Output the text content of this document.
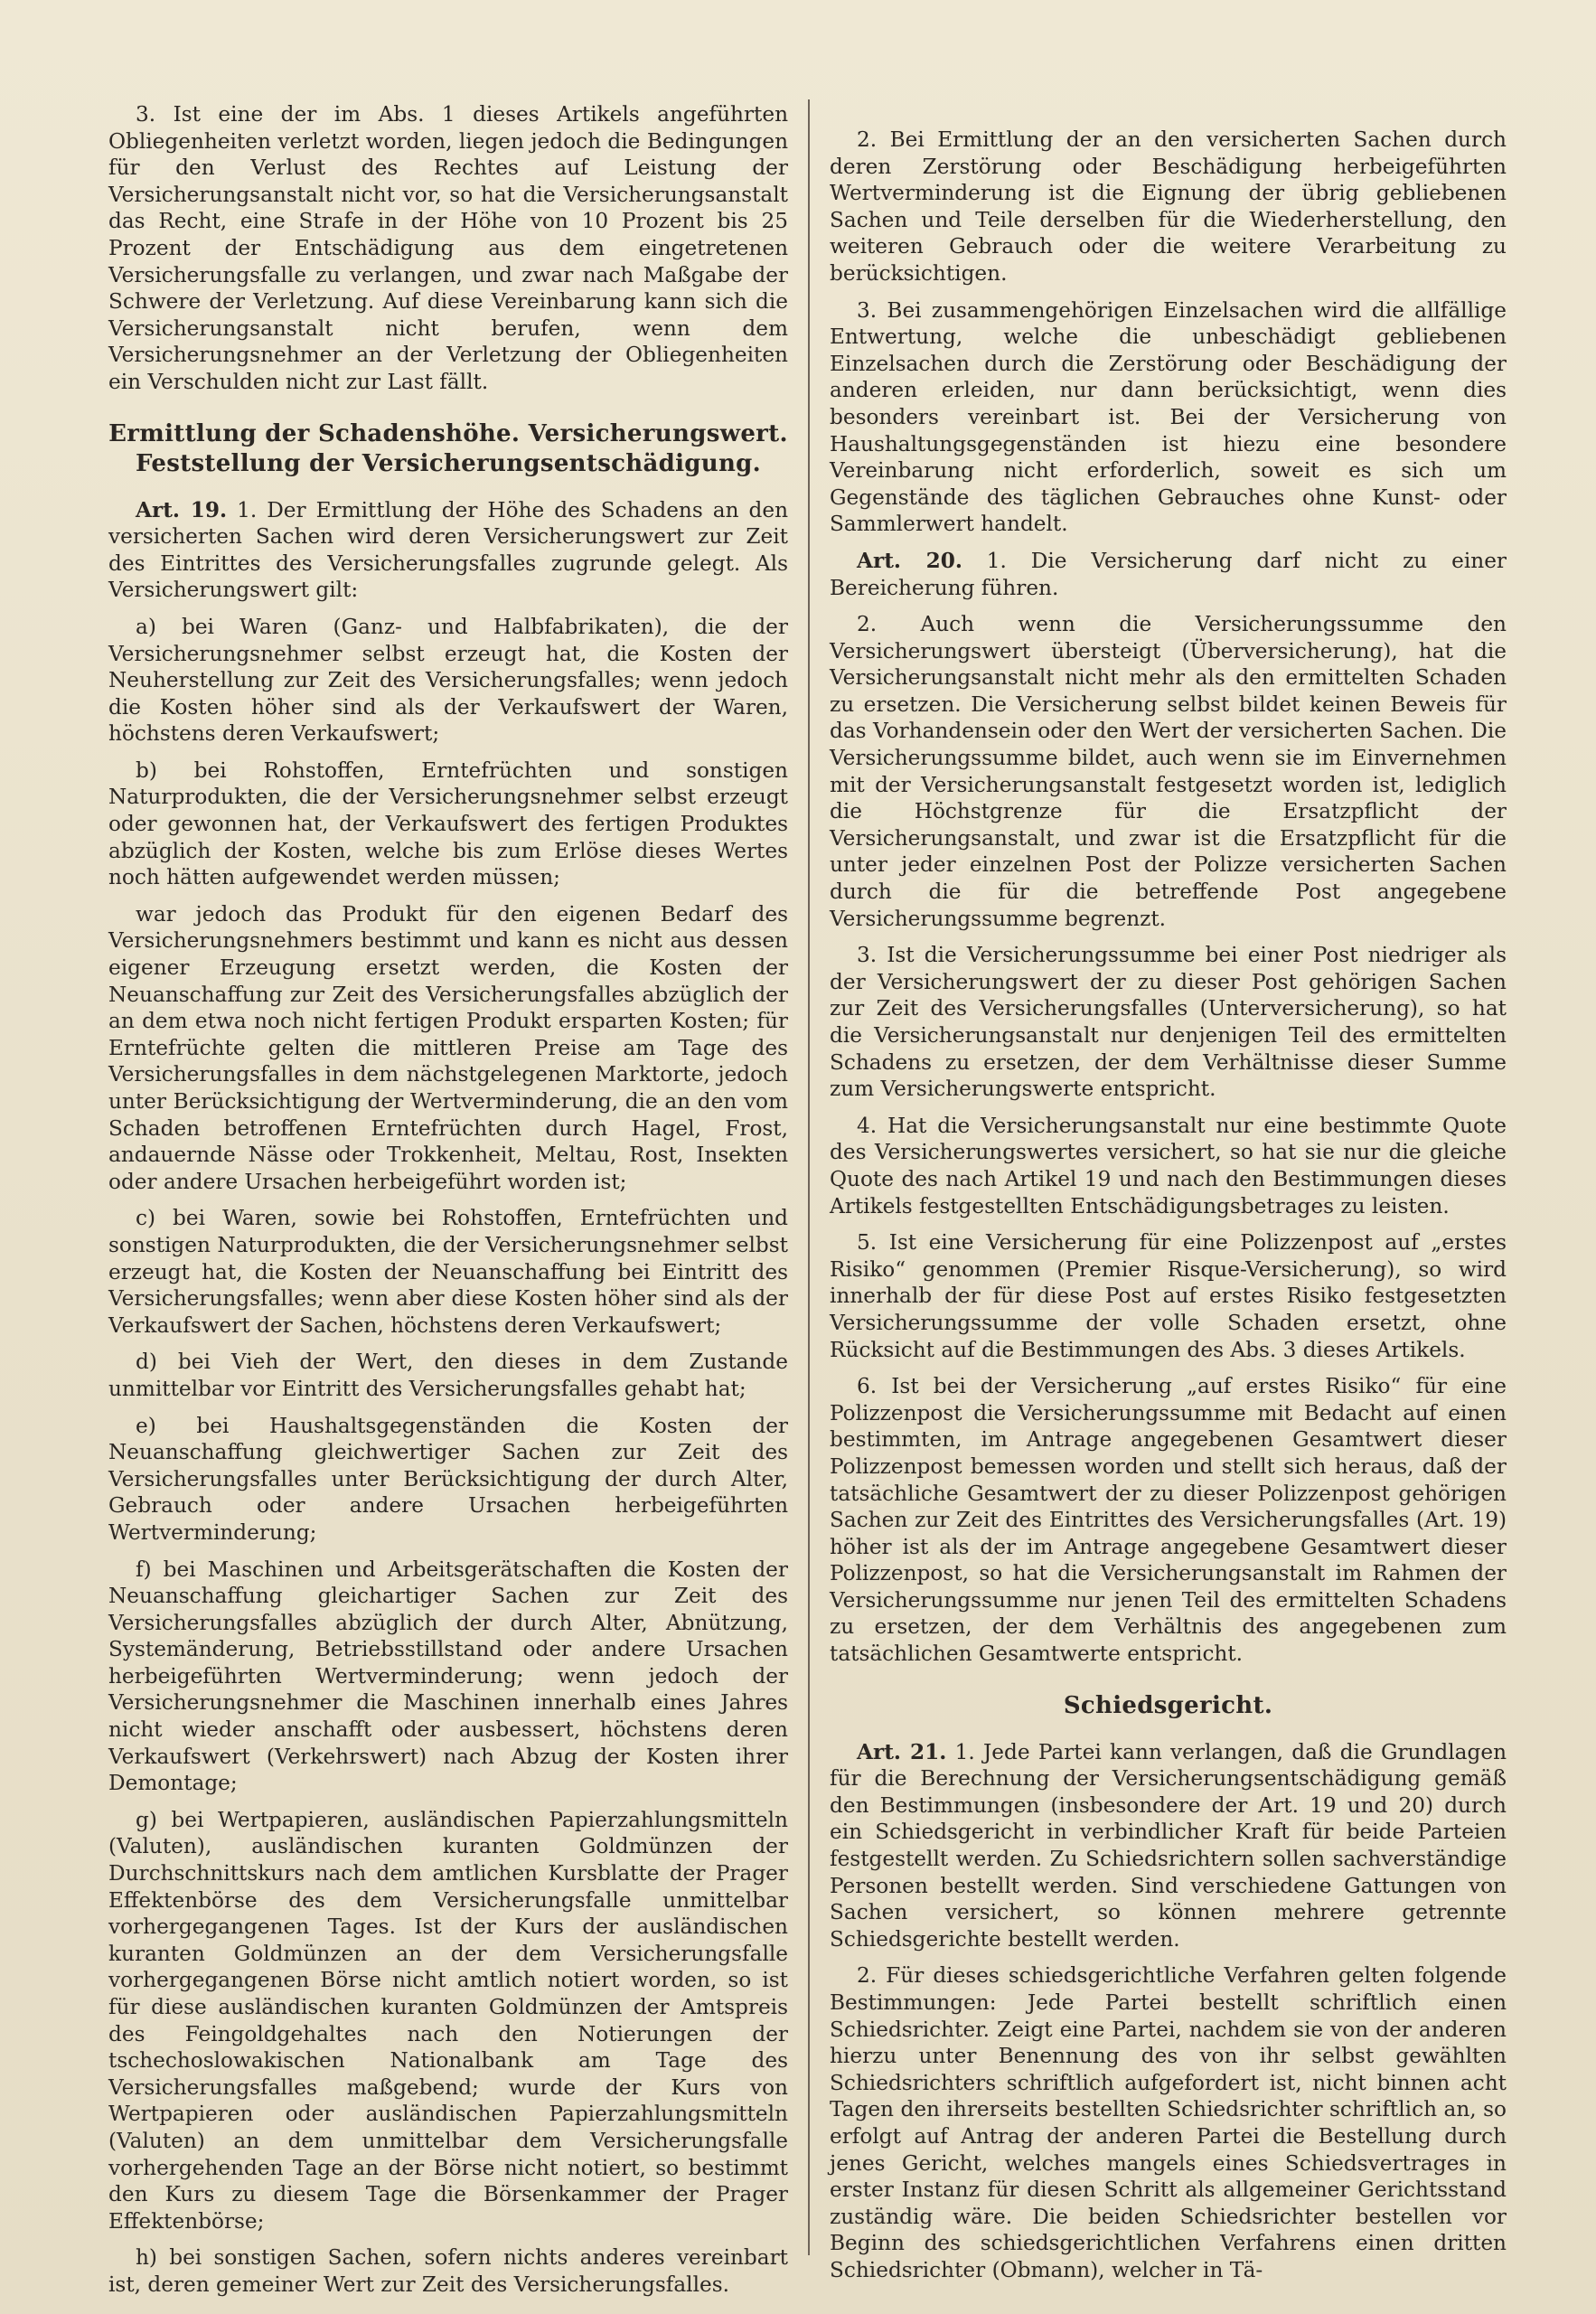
3. Ist eine der im Abs. 1 dieses Artikels angeführten Obliegenheiten verletzt worden, liegen jedoch die Bedingungen für den Verlust des Rechtes auf Leistung der Versicherungsanstalt nicht vor, so hat die Versicherungsanstalt das Recht, eine Strafe in der Höhe von 10 Prozent bis 25 Prozent der Entschädigung aus dem eingetretenen Versicherungsfalle zu verlangen, und zwar nach Maßgabe der Schwere der Verletzung. Auf diese Vereinbarung kann sich die Versicherungsanstalt nicht berufen, wenn dem Versicherungsnehmer an der Verletzung der Obliegenheiten ein Verschulden nicht zur Last fällt.

Ermittlung der Schadenshöhe. Versicherungswert.
Feststellung der Versicherungsentschädigung.

Art. 19. 1. Der Ermittlung der Höhe des Schadens an den versicherten Sachen wird deren Versicherungswert zur Zeit des Eintrittes des Versicherungsfalles zugrunde gelegt. Als Versicherungswert gilt:

a) bei Waren (Ganz- und Halbfabrikaten), die der Versicherungsnehmer selbst erzeugt hat, die Kosten der Neuherstellung zur Zeit des Versicherungsfalles; wenn jedoch die Kosten höher sind als der Verkaufswert der Waren, höchstens deren Verkaufswert;

b) bei Rohstoffen, Erntefrüchten und sonstigen Naturprodukten, die der Versicherungsnehmer selbst erzeugt oder gewonnen hat, der Verkaufswert des fertigen Produktes abzüglich der Kosten, welche bis zum Erlöse dieses Wertes noch hätten aufgewendet werden müssen;

war jedoch das Produkt für den eigenen Bedarf des Versicherungsnehmers bestimmt und kann es nicht aus dessen eigener Erzeugung ersetzt werden, die Kosten der Neuanschaffung zur Zeit des Versicherungsfalles abzüglich der an dem etwa noch nicht fertigen Produkt ersparten Kosten; für Erntefrüchte gelten die mittleren Preise am Tage des Versicherungsfalles in dem nächstgelegenen Marktorte, jedoch unter Berücksichtigung der Wertverminderung, die an den vom Schaden betroffenen Erntefrüchten durch Hagel, Frost, andauernde Nässe oder Trokkenheit, Meltau, Rost, Insekten oder andere Ursachen herbeigeführt worden ist;

c) bei Waren, sowie bei Rohstoffen, Erntefrüchten und sonstigen Naturprodukten, die der Versicherungsnehmer selbst erzeugt hat, die Kosten der Neuanschaffung bei Eintritt des Versicherungsfalles; wenn aber diese Kosten höher sind als der Verkaufswert der Sachen, höchstens deren Verkaufswert;

d) bei Vieh der Wert, den dieses in dem Zustande unmittelbar vor Eintritt des Versicherungsfalles gehabt hat;

e) bei Haushaltsgegenständen die Kosten der Neuanschaffung gleichwertiger Sachen zur Zeit des Versicherungsfalles unter Berücksichtigung der durch Alter, Gebrauch oder andere Ursachen herbeigeführten Wertverminderung;

f) bei Maschinen und Arbeitsgerätschaften die Kosten der Neuanschaffung gleichartiger Sachen zur Zeit des Versicherungsfalles abzüglich der durch Alter, Abnützung, Systemänderung, Betriebsstillstand oder andere Ursachen herbeigeführten Wertverminderung; wenn jedoch der Versicherungsnehmer die Maschinen innerhalb eines Jahres nicht wieder anschafft oder ausbessert, höchstens deren Verkaufswert (Verkehrswert) nach Abzug der Kosten ihrer Demontage;

g) bei Wertpapieren, ausländischen Papierzahlungsmitteln (Valuten), ausländischen kuranten Goldmünzen der Durchschnittskurs nach dem amtlichen Kursblatte der Prager Effektenbörse des dem Versicherungsfalle unmittelbar vorhergegangenen Tages. Ist der Kurs der ausländischen kuranten Goldmünzen an der dem Versicherungsfalle vorhergegangenen Börse nicht amtlich notiert worden, so ist für diese ausländischen kuranten Goldmünzen der Amtspreis des Feingoldgehaltes nach den Notierungen der tschechoslowakischen Nationalbank am Tage des Versicherungsfalles maßgebend; wurde der Kurs von Wertpapieren oder ausländischen Papierzahlungsmitteln (Valuten) an dem unmittelbar dem Versicherungsfalle vorhergehenden Tage an der Börse nicht notiert, so bestimmt den Kurs zu diesem Tage die Börsenkammer der Prager Effektenbörse;

h) bei sonstigen Sachen, sofern nichts anderes vereinbart ist, deren gemeiner Wert zur Zeit des Versicherungsfalles.

2. Bei Ermittlung der an den versicherten Sachen durch deren Zerstörung oder Beschädigung herbeigeführten Wertverminderung ist die Eignung der übrig gebliebenen Sachen und Teile derselben für die Wiederherstellung, den weiteren Gebrauch oder die weitere Verarbeitung zu berücksichtigen.

3. Bei zusammengehörigen Einzelsachen wird die allfällige Entwertung, welche die unbeschädigt gebliebenen Einzelsachen durch die Zerstörung oder Beschädigung der anderen erleiden, nur dann berücksichtigt, wenn dies besonders vereinbart ist. Bei der Versicherung von Haushaltungsgegenständen ist hiezu eine besondere Vereinbarung nicht erforderlich, soweit es sich um Gegenstände des täglichen Gebrauches ohne Kunst- oder Sammlerwert handelt.

Art. 20. 1. Die Versicherung darf nicht zu einer Bereicherung führen.

2. Auch wenn die Versicherungssumme den Versicherungswert übersteigt (Überversicherung), hat die Versicherungsanstalt nicht mehr als den ermittelten Schaden zu ersetzen. Die Versicherung selbst bildet keinen Beweis für das Vorhandensein oder den Wert der versicherten Sachen. Die Versicherungssumme bildet, auch wenn sie im Einvernehmen mit der Versicherungsanstalt festgesetzt worden ist, lediglich die Höchstgrenze für die Ersatzpflicht der Versicherungsanstalt, und zwar ist die Ersatzpflicht für die unter jeder einzelnen Post der Polizze versicherten Sachen durch die für die betreffende Post angegebene Versicherungssumme begrenzt.

3. Ist die Versicherungssumme bei einer Post niedriger als der Versicherungswert der zu dieser Post gehörigen Sachen zur Zeit des Versicherungsfalles (Unterversicherung), so hat die Versicherungsanstalt nur denjenigen Teil des ermittelten Schadens zu ersetzen, der dem Verhältnisse dieser Summe zum Versicherungswerte entspricht.

4. Hat die Versicherungsanstalt nur eine bestimmte Quote des Versicherungswertes versichert, so hat sie nur die gleiche Quote des nach Artikel 19 und nach den Bestimmungen dieses Artikels festgestellten Entschädigungsbetrages zu leisten.

5. Ist eine Versicherung für eine Polizzenpost auf „erstes Risiko“ genommen (Premier Risque-Versicherung), so wird innerhalb der für diese Post auf erstes Risiko festgesetzten Versicherungssumme der volle Schaden ersetzt, ohne Rücksicht auf die Bestimmungen des Abs. 3 dieses Artikels.

6. Ist bei der Versicherung „auf erstes Risiko“ für eine Polizzenpost die Versicherungssumme mit Bedacht auf einen bestimmten, im Antrage angegebenen Gesamtwert dieser Polizzenpost bemessen worden und stellt sich heraus, daß der tatsächliche Gesamtwert der zu dieser Polizzenpost gehörigen Sachen zur Zeit des Eintrittes des Versicherungsfalles (Art. 19) höher ist als der im Antrage angegebene Gesamtwert dieser Polizzenpost, so hat die Versicherungsanstalt im Rahmen der Versicherungssumme nur jenen Teil des ermittelten Schadens zu ersetzen, der dem Verhältnis des angegebenen zum tatsächlichen Gesamtwerte entspricht.

Schiedsgericht.

Art. 21. 1. Jede Partei kann verlangen, daß die Grundlagen für die Berechnung der Versicherungsentschädigung gemäß den Bestimmungen (insbesondere der Art. 19 und 20) durch ein Schiedsgericht in verbindlicher Kraft für beide Parteien festgestellt werden. Zu Schiedsrichtern sollen sachverständige Personen bestellt werden. Sind verschiedene Gattungen von Sachen versichert, so können mehrere getrennte Schiedsgerichte bestellt werden.

2. Für dieses schiedsgerichtliche Verfahren gelten folgende Bestimmungen: Jede Partei bestellt schriftlich einen Schiedsrichter. Zeigt eine Partei, nachdem sie von der anderen hierzu unter Benennung des von ihr selbst gewählten Schiedsrichters schriftlich aufgefordert ist, nicht binnen acht Tagen den ihrerseits bestellten Schiedsrichter schriftlich an, so erfolgt auf Antrag der anderen Partei die Bestellung durch jenes Gericht, welches mangels eines Schiedsvertrages in erster Instanz für diesen Schritt als allgemeiner Gerichtsstand zuständig wäre. Die beiden Schiedsrichter bestellen vor Beginn des schiedsgerichtlichen Verfahrens einen dritten Schiedsrichter (Obmann), welcher in Tä-
